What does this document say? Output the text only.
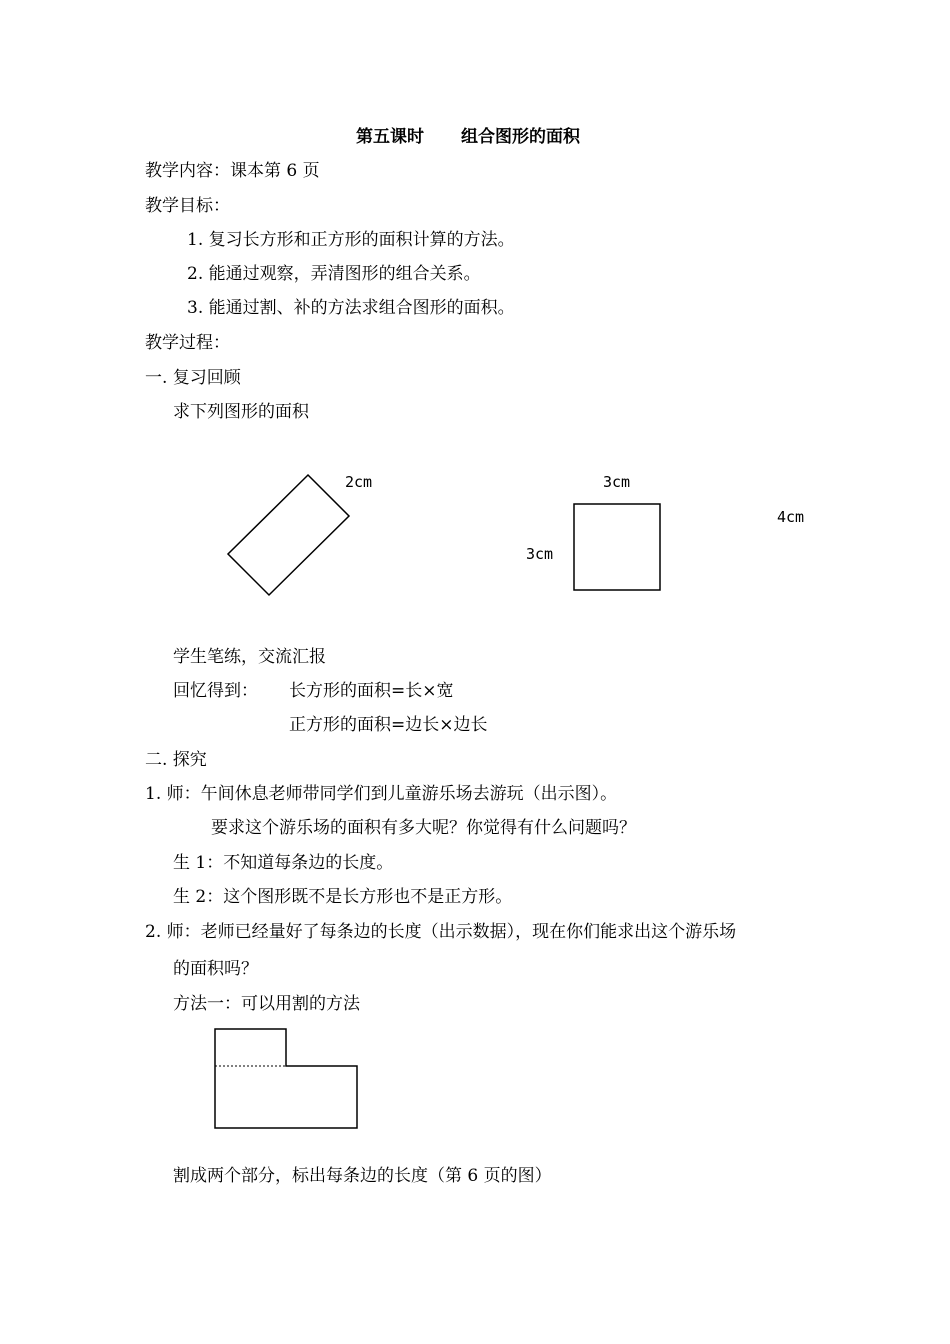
第五课时 组合图形的面积
教学内容：课本第 6 页
教学目标：
1. 复习长方形和正方形的面积计算的方法。
2. 能通过观察，弄清图形的组合关系。
3. 能通过割、补的方法求组合图形的面积。
教学过程：
一. 复习回顾
求下列图形的面积
2cm	3cm
3cm
4cm
学生笔练，交流汇报
回忆得到： 长方形的面积=长×宽
正方形的面积=边长×边长
二. 探究
1. 师：午间休息老师带同学们到儿童游乐场去游玩（出示图）。
要求这个游乐场的面积有多大呢？你觉得有什么问题吗？
生 1：不知道每条边的长度。
生 2：这个图形既不是长方形也不是正方形。
2. 师：老师已经量好了每条边的长度（出示数据），现在你们能求出这个游乐场
的面积吗？
方法一：可以用割的方法
割成两个部分，标出每条边的长度（第 6 页的图）
